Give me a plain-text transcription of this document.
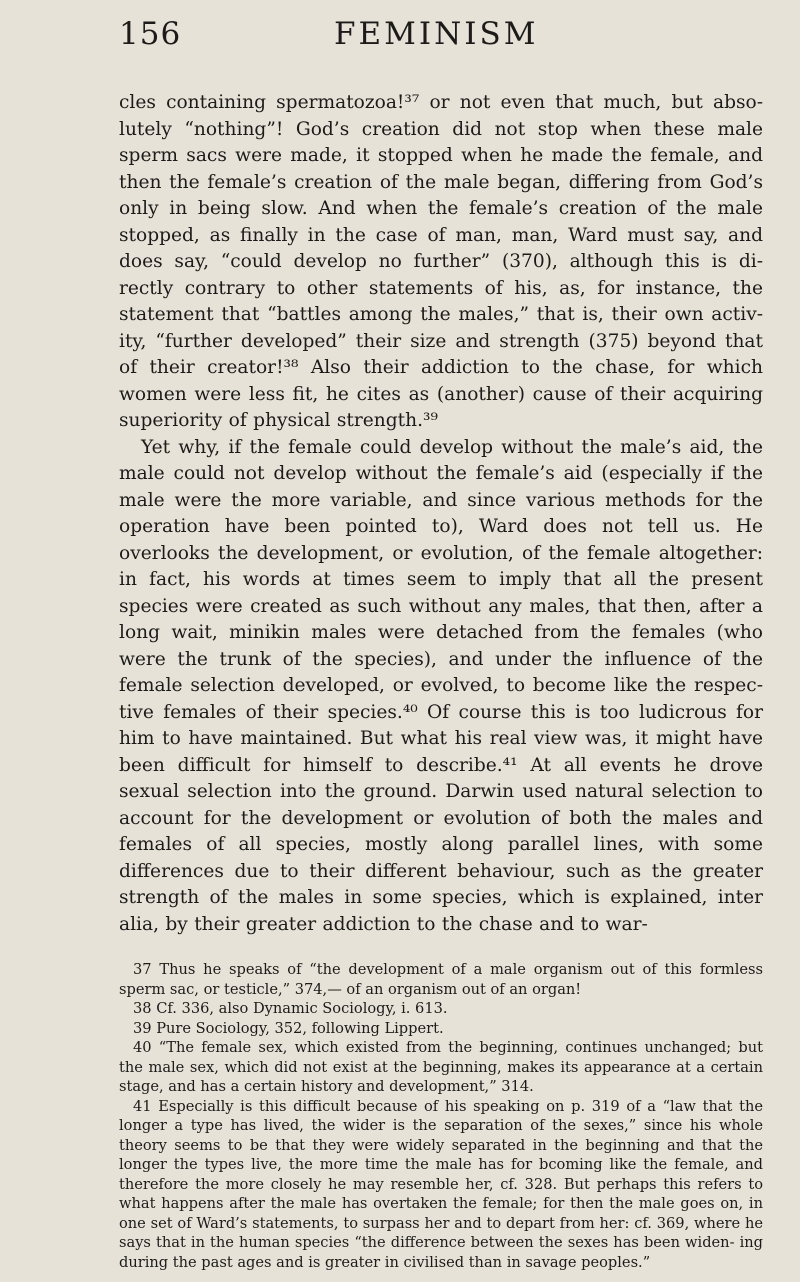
156	FEMINISM

cles containing spermatozoa!³⁷ or not even that much, but abso- lutely “nothing”! God’s creation did not stop when these male sperm sacs were made, it stopped when he made the female, and then the female’s creation of the male began, differing from God’s only in being slow. And when the female’s creation of the male stopped, as finally in the case of man, man, Ward must say, and does say, “could develop no further” (370), although this is di- rectly contrary to other statements of his, as, for instance, the statement that “battles among the males,” that is, their own activ- ity, “further developed” their size and strength (375) beyond that of their creator!³⁸ Also their addiction to the chase, for which women were less fit, he cites as (another) cause of their acquiring superiority of physical strength.³⁹

Yet why, if the female could develop without the male’s aid, the male could not develop without the female’s aid (especially if the male were the more variable, and since various methods for the operation have been pointed to), Ward does not tell us. He overlooks the development, or evolution, of the female altogether: in fact, his words at times seem to imply that all the present species were created as such without any males, that then, after a long wait, minikin males were detached from the females (who were the trunk of the species), and under the influence of the female selection developed, or evolved, to become like the respec- tive females of their species.⁴⁰ Of course this is too ludicrous for him to have maintained. But what his real view was, it might have been difficult for himself to describe.⁴¹ At all events he drove sexual selection into the ground. Darwin used natural selection to account for the development or evolution of both the males and females of all species, mostly along parallel lines, with some differences due to their different behaviour, such as the greater strength of the males in some species, which is explained, inter alia, by their greater addiction to the chase and to war-

37 Thus he speaks of “the development of a male organism out of this formless sperm sac, or testicle,” 374,— of an organism out of an organ!

38 Cf. 336, also Dynamic Sociology, i. 613.

39 Pure Sociology, 352, following Lippert.

40 “The female sex, which existed from the beginning, continues unchanged; but the male sex, which did not exist at the beginning, makes its appearance at a certain stage, and has a certain history and development,” 314.

41 Especially is this difficult because of his speaking on p. 319 of a “law that the longer a type has lived, the wider is the separation of the sexes,” since his whole theory seems to be that they were widely separated in the beginning and that the longer the types live, the more time the male has for bcoming like the female, and therefore the more closely he may resemble her, cf. 328. But perhaps this refers to what happens after the male has overtaken the female; for then the male goes on, in one set of Ward’s statements, to surpass her and to depart from her: cf. 369, where he says that in the human species “the difference between the sexes has been widen- ing during the past ages and is greater in civilised than in savage peoples.”
